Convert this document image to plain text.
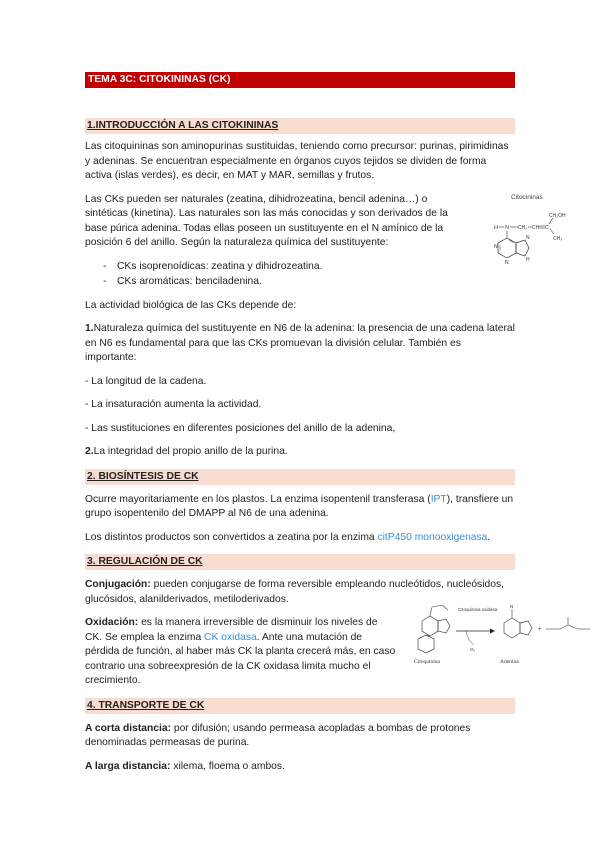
TEMA 3C: CITOKININAS (CK)
1.INTRODUCCIÓN A LAS CITOKININAS

Las citoquininas son aminopurinas sustituidas, teniendo como precursor: purinas, pirimidinas y adeninas. Se encuentran especialmente en órganos cuyos tejidos se dividen de forma activa (islas verdes), es decir, en MAT y MAR, semillas y frutos.

Las CKs pueden ser naturales (zeatina, dihidrozeatina, bencil adenina…) o sintéticas (kinetina). Las naturales son las más conocidas y son derivados de la base púrica adenina. Todas ellas poseen un sustituyente en el N amínico de la posición 6 del anillo. Según la naturaleza química del sustituyente:

- CKs isoprenoídicas: zeatina y dihidrozeatina.
- CKs aromáticas: benciladenina.

La actividad biológica de las CKs depende de:

1.Naturaleza química del sustituyente en N6 de la adenina: la presencia de una cadena lateral en N6 es fundamental para que las CKs promuevan la división celular. También es importante:

- La longitud de la cadena.

- La insaturación aumenta la actividad.

- Las sustituciones en diferentes posiciones del anillo de la adenina,

2.La integridad del propio anillo de la purina.

2. BIOSÍNTESIS DE CK

Ocurre mayoritariamente en los plastos. La enzima isopentenil transferasa (IPT), transfiere un grupo isopentenilo del DMAPP al N6 de una adenina.

Los distintos productos son convertidos a zeatina por la enzima citP450 monooxigenasa.

3. REGULACIÓN DE CK

Conjugación: pueden conjugarse de forma reversible empleando nucleótidos, nucleósidos, glucósidos, alanilderivados, metiloderivados.

Oxidación: es la manera irreversible de disminuir los niveles de CK. Se emplea la enzima CK oxidasa. Ante una mutación de pérdida de función, al haber más CK la planta crecerá más, en caso contrario una sobreexpresión de la CK oxidasa limita mucho el crecimiento.

4. TRANSPORTE DE CK

A corta distancia: por difusión; usando permeasa acopladas a bombas de protones denominadas permeasas de purina.

A larga distancia: xilema, floema o ambos.

Citocininas
H N CH₂ CH C
CH₂OH
CH₃
N
N
N
H
Citoquinina
Citoquinina oxidasa
O₂
N
Adenina
+
